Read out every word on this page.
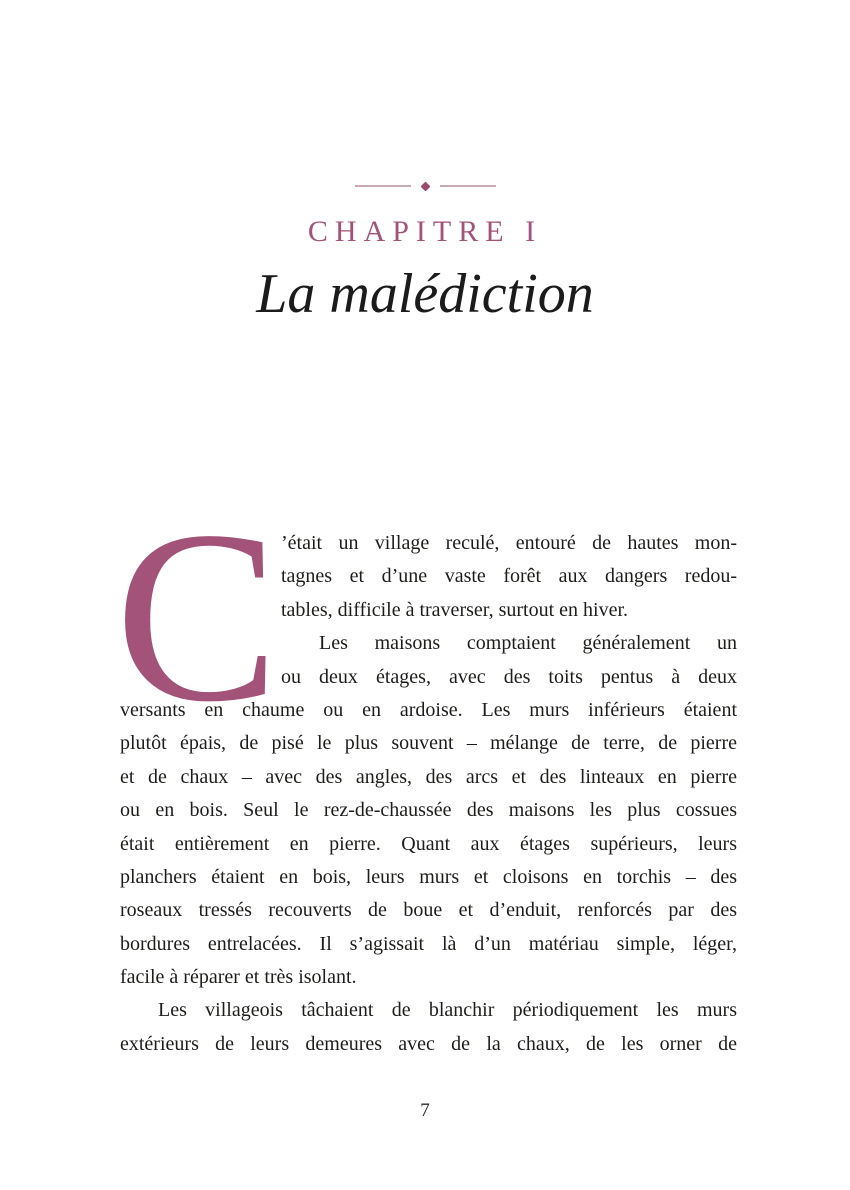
CHAPITRE I
La malédiction
C ’était un village reculé, entouré de hautes mon-
tagnes et d’une vaste forêt aux dangers redou-
tables, difficile à traverser, surtout en hiver.
Les maisons comptaient généralement un
ou deux étages, avec des toits pentus à deux
versants en chaume ou en ardoise. Les murs inférieurs étaient
plutôt épais, de pisé le plus souvent – mélange de terre, de pierre
et de chaux – avec des angles, des arcs et des linteaux en pierre
ou en bois. Seul le rez-de-chaussée des maisons les plus cossues
était entièrement en pierre. Quant aux étages supérieurs, leurs
planchers étaient en bois, leurs murs et cloisons en torchis – des
roseaux tressés recouverts de boue et d’enduit, renforcés par des
bordures entrelacées. Il s’agissait là d’un matériau simple, léger,
facile à réparer et très isolant.
Les villageois tâchaient de blanchir périodiquement les murs
extérieurs de leurs demeures avec de la chaux, de les orner de
7
